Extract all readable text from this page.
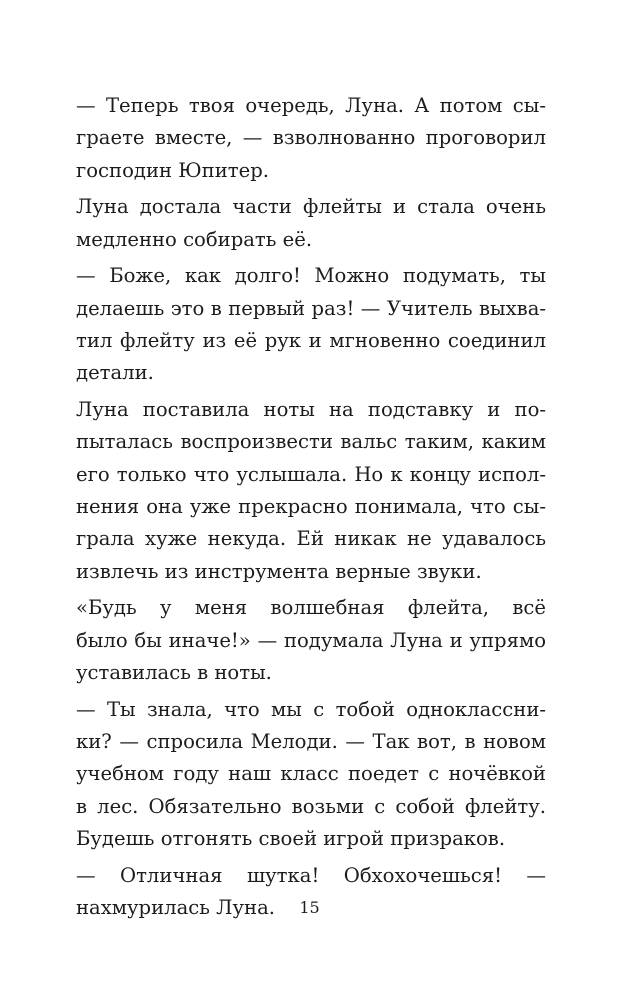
— Теперь твоя очередь, Луна. А потом сы-
граете вместе, — взволнованно проговорил
господин Юпитер.
Луна достала части флейты и стала очень
медленно собирать её.
— Боже, как долго! Можно подумать, ты
делаешь это в первый раз! — Учитель выхва-
тил флейту из её рук и мгновенно соединил
детали.
Луна поставила ноты на подставку и по-
пыталась воспроизвести вальс таким, каким
его только что услышала. Но к концу испол-
нения она уже прекрасно понимала, что сы-
грала хуже некуда. Ей никак не удавалось
извлечь из инструмента верные звуки.
«Будь у меня волшебная флейта, всё
было бы иначе!» — подумала Луна и упрямо
уставилась в ноты.
— Ты знала, что мы с тобой одноклассни-
ки? — спросила Мелоди. — Так вот, в новом
учебном году наш класс поедет с ночёвкой
в лес. Обязательно возьми с собой флейту.
Будешь отгонять своей игрой призраков.
— Отличная шутка! Обхохочешься! —
нахмурилась Луна.	15
